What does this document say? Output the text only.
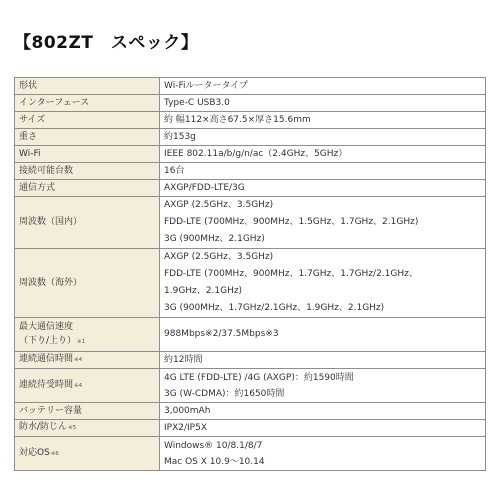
【802ZT　スペック】
形状	Wi-Fiルータータイプ

インターフェース	Type-C USB3.0

サイズ	約 幅112×高さ67.5×厚さ15.6mm

重さ	約153g

Wi-Fi	IEEE 802.11a/b/g/n/ac（2.4GHz、5GHz）

接続可能台数	16台

通信方式	AXGP/FDD-LTE/3G

周波数（国内）	AXGP (2.5GHz、3.5GHz)
FDD-LTE (700MHz、900MHz、1.5GHz、1.7GHz、2.1GHz)
3G (900MHz、2.1GHz)

周波数（海外）	AXGP (2.5GHz、3.5GHz)
FDD-LTE (700MHz、900MHz、1.7GHz、1.7GHz/2.1GHz、
1.9GHz、2.1GHz)
3G (900MHz、1.7GHz/2.1GHz、1.9GHz、2.1GHz)

最大通信速度
（下り/上り）※1	988Mbps※2/37.5Mbps※3

連続通信時間※4	約12時間

連続待受時間※4	4G LTE (FDD-LTE) /4G (AXGP)：約1590時間
3G (W-CDMA)：約1650時間

バッテリー容量	3,000mAh

防水/防じん※5	IPX2/IP5X

対応OS※6	Windows® 10/8.1/8/7
Mac OS X 10.9〜10.14
